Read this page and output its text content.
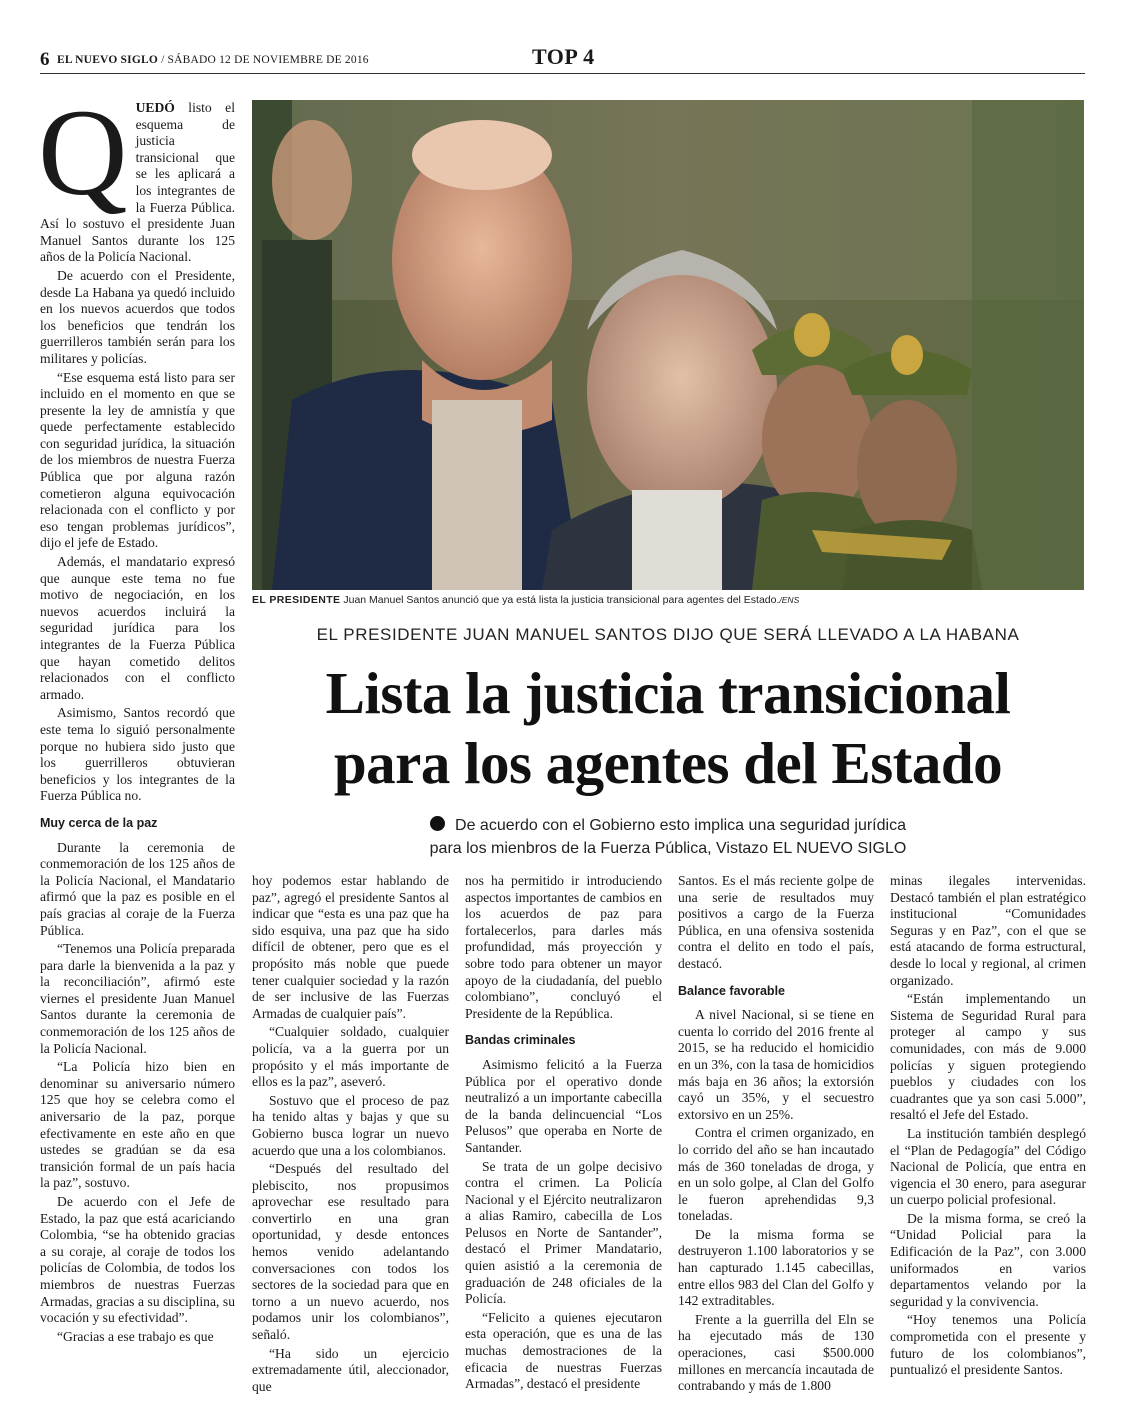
6 EL NUEVO SIGLO / SÁBADO 12 DE NOVIEMBRE DE 2016	TOP 4

QUEDÓ listo el esquema de justicia transicional que se les aplicará a los integrantes de la Fuerza Pública. Así lo sostuvo el presidente Juan Manuel Santos durante los 125 años de la Policía Nacional.

De acuerdo con el Presidente, desde La Habana ya quedó incluido en los nuevos acuerdos que todos los beneficios que tendrán los guerrilleros también serán para los militares y policías.

“Ese esquema está listo para ser incluido en el momento en que se presente la ley de amnistía y que quede perfectamente establecido con seguridad jurídica, la situación de los miembros de nuestra Fuerza Pública que por alguna razón cometieron alguna equivocación relacionada con el conflicto y por eso tengan problemas jurídicos”, dijo el jefe de Estado.

Además, el mandatario expresó que aunque este tema no fue motivo de negociación, en los nuevos acuerdos incluirá la seguridad jurídica para los integrantes de la Fuerza Pública que hayan cometido delitos relacionados con el conflicto armado.

Asimismo, Santos recordó que este tema lo siguió personalmente porque no hubiera sido justo que los guerrilleros obtuvieran beneficios y los integrantes de la Fuerza Pública no.

Muy cerca de la paz

Durante la ceremonia de conmemoración de los 125 años de la Policía Nacional, el Mandatario afirmó que la paz es posible en el país gracias al coraje de la Fuerza Pública.

“Tenemos una Policía preparada para darle la bienvenida a la paz y la reconciliación”, afirmó este viernes el presidente Juan Manuel Santos durante la ceremonia de conmemoración de los 125 años de la Policía Nacional.

“La Policía hizo bien en denominar su aniversario número 125 que hoy se celebra como el aniversario de la paz, porque efectivamente en este año en que ustedes se gradúan se da esa transición formal de un país hacia la paz”, sostuvo.

De acuerdo con el Jefe de Estado, la paz que está acariciando Colombia, “se ha obtenido gracias a su coraje, al coraje de todos los policías de Colombia, de todos los miembros de nuestras Fuerzas Armadas, gracias a su disciplina, su vocación y su efectividad”.

“Gracias a ese trabajo es que

EL PRESIDENTE Juan Manuel Santos anunció que ya está lista la justicia transicional para agentes del Estado./ENS
EL PRESIDENTE JUAN MANUEL SANTOS DIJO QUE SERÁ LLEVADO A LA HABANA
Lista la justicia transicional
para los agentes del Estado
De acuerdo con el Gobierno esto implica una seguridad jurídica
para los mienbros de la Fuerza Pública, Vistazo EL NUEVO SIGLO

hoy podemos estar hablando de paz”, agregó el presidente Santos al indicar que “esta es una paz que ha sido esquiva, una paz que ha sido difícil de obtener, pero que es el propósito más noble que puede tener cualquier sociedad y la razón de ser inclusive de las Fuerzas Armadas de cualquier país”.

“Cualquier soldado, cualquier policía, va a la guerra por un propósito y el más importante de ellos es la paz”, aseveró.

Sostuvo que el proceso de paz ha tenido altas y bajas y que su Gobierno busca lograr un nuevo acuerdo que una a los colombianos.

“Después del resultado del plebiscito, nos propusimos aprovechar ese resultado para convertirlo en una gran oportunidad, y desde entonces hemos venido adelantando conversaciones con todos los sectores de la sociedad para que en torno a un nuevo acuerdo, nos podamos unir los colombianos”, señaló.

“Ha sido un ejercicio extremadamente útil, aleccionador, que

nos ha permitido ir introduciendo aspectos importantes de cambios en los acuerdos de paz para fortalecerlos, para darles más profundidad, más proyección y sobre todo para obtener un mayor apoyo de la ciudadanía, del pueblo colombiano”, concluyó el Presidente de la República.

Bandas criminales

Asimismo felicitó a la Fuerza Pública por el operativo donde neutralizó a un importante cabecilla de la banda delincuencial “Los Pelusos” que operaba en Norte de Santander.

Se trata de un golpe decisivo contra el crimen. La Policía Nacional y el Ejército neutralizaron a alias Ramiro, cabecilla de Los Pelusos en Norte de Santander”, destacó el Primer Mandatario, quien asistió a la ceremonia de graduación de 248 oficiales de la Policía.

“Felicito a quienes ejecutaron esta operación, que es una de las muchas demostraciones de la eficacia de nuestras Fuerzas Armadas”, destacó el presidente

Santos. Es el más reciente golpe de una serie de resultados muy positivos a cargo de la Fuerza Pública, en una ofensiva sostenida contra el delito en todo el país, destacó.

Balance favorable

A nivel Nacional, si se tiene en cuenta lo corrido del 2016 frente al 2015, se ha reducido el homicidio en un 3%, con la tasa de homicidios más baja en 36 años; la extorsión cayó un 35%, y el secuestro extorsivo en un 25%.

Contra el crimen organizado, en lo corrido del año se han incautado más de 360 toneladas de droga, y en un solo golpe, al Clan del Golfo le fueron aprehendidas 9,3 toneladas.

De la misma forma se destruyeron 1.100 laboratorios y se han capturado 1.145 cabecillas, entre ellos 983 del Clan del Golfo y 142 extraditables.

Frente a la guerrilla del Eln se ha ejecutado más de 130 operaciones, casi $500.000 millones en mercancía incautada de contrabando y más de 1.800

minas ilegales intervenidas. Destacó también el plan estratégico institucional “Comunidades Seguras y en Paz”, con el que se está atacando de forma estructural, desde lo local y regional, al crimen organizado.

“Están implementando un Sistema de Seguridad Rural para proteger al campo y sus comunidades, con más de 9.000 policías y siguen protegiendo pueblos y ciudades con los cuadrantes que ya son casi 5.000”, resaltó el Jefe del Estado.

La institución también desplegó el “Plan de Pedagogía” del Código Nacional de Policía, que entra en vigencia el 30 enero, para asegurar un cuerpo policial profesional.

De la misma forma, se creó la “Unidad Policial para la Edificación de la Paz”, con 3.000 uniformados en varios departamentos velando por la seguridad y la convivencia.

“Hoy tenemos una Policía comprometida con el presente y futuro de los colombianos”, puntualizó el presidente Santos.
